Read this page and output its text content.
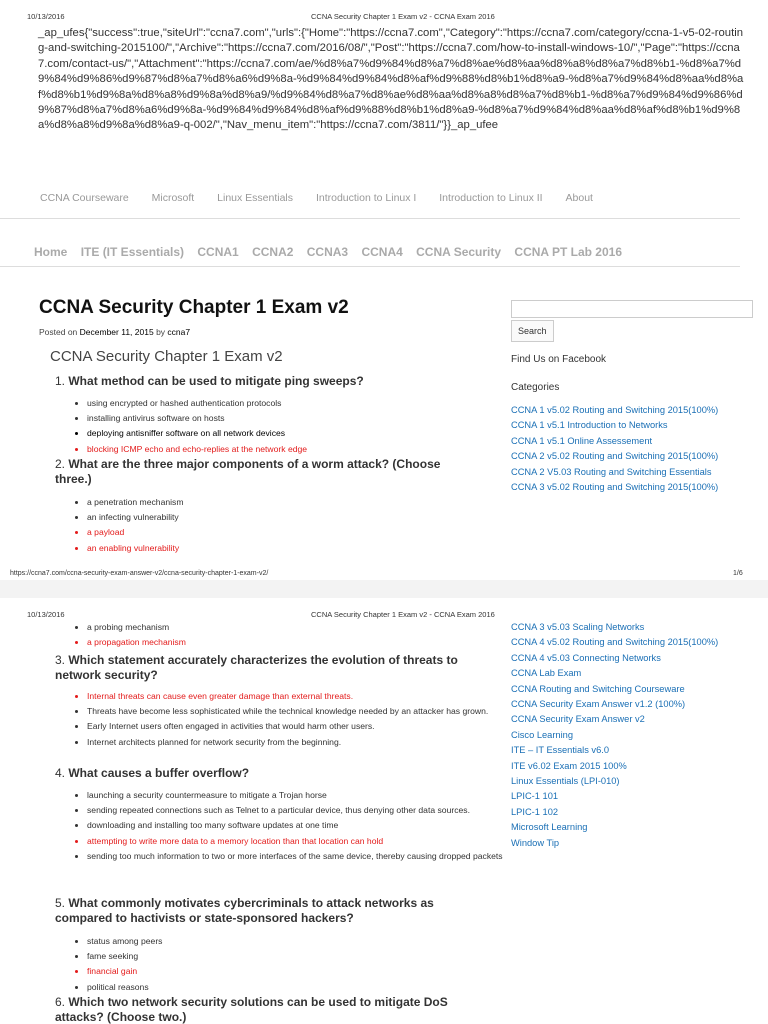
10/13/2016	CCNA Security Chapter 1 Exam v2 - CCNA Exam 2016
_ap_ufes{"success":true,"siteUrl":"ccna7.com","urls":{"Home":"https://ccna7.com","Category":"https://ccna7.com/category/ccna-1-v5-02-routing-and-switching-2015100/","Archive":"https://ccna7.com/2016/08/","Post":"https://ccna7.com/how-to-install-windows-10/","Page":"https://ccna7.com/contact-us/","Attachment":"https://ccna7.com/ae/%d8%a7%d9%84%d8%a7%d8%ae%d8%aa%d8%a8%d8%a7%d8%b1-%d8%a7%d9%84%d9%86%d9%87%d8%a7%d8%a6%d9%8a-%d9%84%d9%84%d8%af%d9%88%d8%b1%d8%a9-%d8%a7%d9%84%d8%aa%d8%af%d8%b1%d9%8a%d8%a8%d9%8a%d8%a9/%d9%84%d8%a7%d8%ae%d8%aa%d8%a8%d8%a7%d8%b1-%d8%a7%d9%84%d9%86%d9%87%d8%a7%d8%a6%d9%8a-%d9%84%d9%84%d8%af%d9%88%d8%b1%d8%a9-%d8%a7%d9%84%d8%aa%d8%af%d8%b1%d9%8a%d8%a8%d9%8a%d8%a9-q-002/","Nav_menu_item":"https://ccna7.com/3811/"}}_ap_ufee
CCNA Courseware Microsoft Linux Essentials Introduction to Linux I Introduction to Linux II About
Home ITE (IT Essentials) CCNA1 CCNA2 CCNA3 CCNA4 CCNA Security CCNA PT Lab 2016
CCNA Security Chapter 1 Exam v2
Posted on December 11, 2015 by ccna7
CCNA Security Chapter 1 Exam v2
1. What method can be used to mitigate ping sweeps?
• using encrypted or hashed authentication protocols
• installing antivirus software on hosts
• deploying antisniffer software on all network devices
• blocking ICMP echo and echo-replies at the network edge
2. What are the three major components of a worm attack? (Choose three.)
• a penetration mechanism
• an infecting vulnerability
• a payload
• an enabling vulnerability
Search
Find Us on Facebook
Categories
CCNA 1 v5.02 Routing and Switching 2015(100%)
CCNA 1 v5.1 Introduction to Networks
CCNA 1 v5.1 Online Assessement
CCNA 2 v5.02 Routing and Switching 2015(100%)
CCNA 2 V5.03 Routing and Switching Essentials
CCNA 3 v5.02 Routing and Switching 2015(100%)
https://ccna7.com/ccna-security-exam-answer-v2/ccna-security-chapter-1-exam-v2/	1/6
10/13/2016	CCNA Security Chapter 1 Exam v2 - CCNA Exam 2016
• a probing mechanism
• a propagation mechanism
3. Which statement accurately characterizes the evolution of threats to network security?
• Internal threats can cause even greater damage than external threats.
• Threats have become less sophisticated while the technical knowledge needed by an attacker has grown.
• Early Internet users often engaged in activities that would harm other users.
• Internet architects planned for network security from the beginning.
4. What causes a buffer overflow?
• launching a security countermeasure to mitigate a Trojan horse
• sending repeated connections such as Telnet to a particular device, thus denying other data sources.
• downloading and installing too many software updates at one time
• attempting to write more data to a memory location than that location can hold
• sending too much information to two or more interfaces of the same device, thereby causing dropped packets
5. What commonly motivates cybercriminals to attack networks as compared to hactivists or state-sponsored hackers?
• status among peers
• fame seeking
• financial gain
• political reasons
6. Which two network security solutions can be used to mitigate DoS attacks? (Choose two.)
CCNA 3 v5.03 Scaling Networks
CCNA 4 v5.02 Routing and Switching 2015(100%)
CCNA 4 v5.03 Connecting Networks
CCNA Lab Exam
CCNA Routing and Switching Courseware
CCNA Security Exam Answer v1.2 (100%)
CCNA Security Exam Answer v2
Cisco Learning
ITE – IT Essentials v6.0
ITE v6.02 Exam 2015 100%
Linux Essentials (LPI-010)
LPIC-1 101
LPIC-1 102
Microsoft Learning
Window Tip
